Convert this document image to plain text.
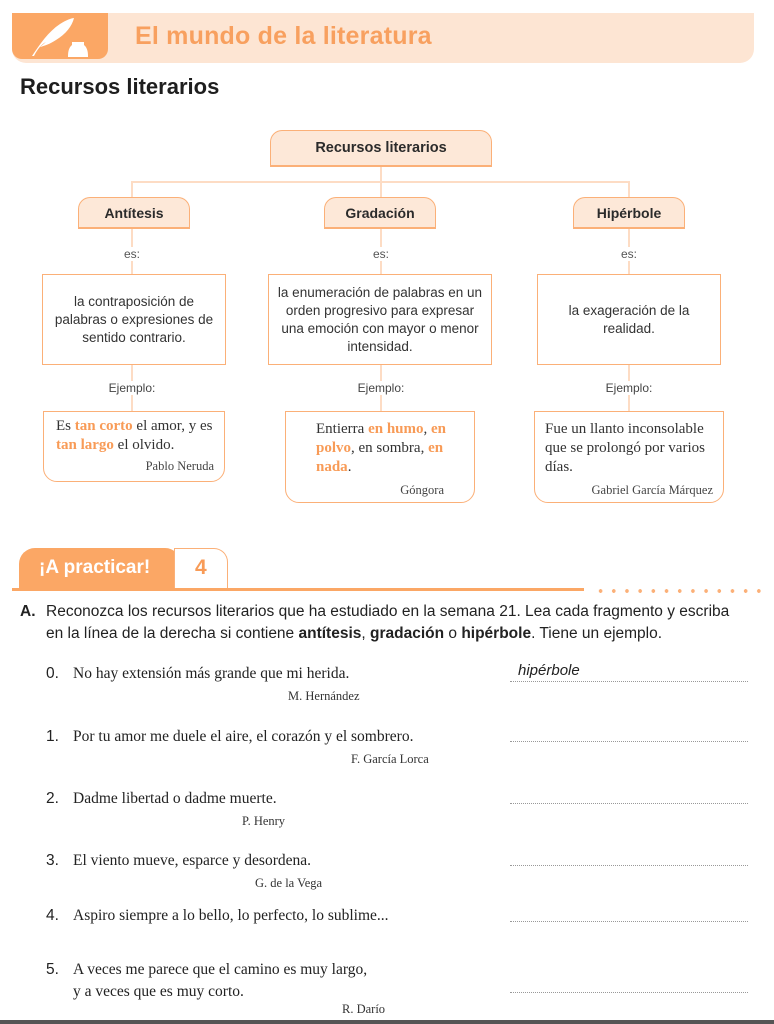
El mundo de la literatura
Recursos literarios
Recursos literarios
Antítesis	Gradación	Hipérbole
es:	es:	es:
la contraposición de palabras o expresiones de sentido contrario.
la enumeración de palabras en un orden progresivo para expresar una emoción con mayor o menor intensidad.
la exageración de la realidad.
Ejemplo:	Ejemplo:	Ejemplo:
Es tan corto el amor, y es tan largo el olvido.
Pablo Neruda
Entierra en humo, en polvo, en sombra, en nada.
Góngora
Fue un llanto inconsolable que se prolongó por varios días.
Gabriel García Márquez
¡A practicar! 4
A. Reconozca los recursos literarios que ha estudiado en la semana 21. Lea cada fragmento y escriba
en la línea de la derecha si contiene antítesis, gradación o hipérbole. Tiene un ejemplo.
0. No hay extensión más grande que mi herida.
M. Hernández
hipérbole
1. Por tu amor me duele el aire, el corazón y el sombrero.
F. García Lorca
2. Dadme libertad o dadme muerte.
P. Henry
3. El viento mueve, esparce y desordena.
G. de la Vega
4. Aspiro siempre a lo bello, lo perfecto, lo sublime...
5. A veces me parece que el camino es muy largo,
y a veces que es muy corto.
R. Darío
